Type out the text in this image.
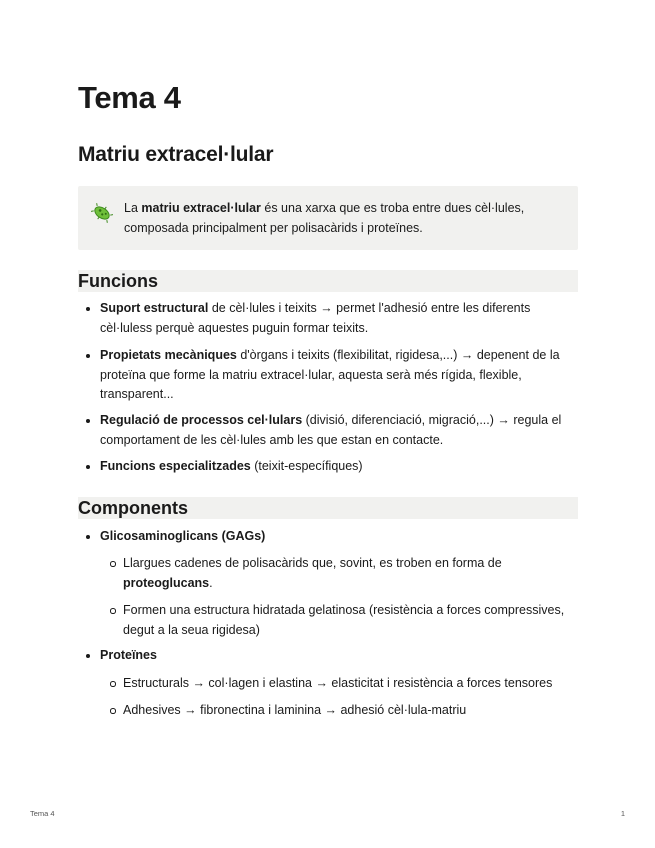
Tema 4
Matriu extracel·lular
La matriu extracel·lular és una xarxa que es troba entre dues cèl·lules, composada principalment per polisacàrids i proteïnes.
Funcions
Suport estructural de cèl·lules i teixits → permet l'adhesió entre les diferents cèl·luless perquè aquestes puguin formar teixits.
Propietats mecàniques d'òrgans i teixits (flexibilitat, rigidesa,...) → depenent de la proteïna que forme la matriu extracel·lular, aquesta serà més rígida, flexible, transparent...
Regulació de processos cel·lulars (divisió, diferenciació, migració,...) → regula el comportament de les cèl·lules amb les que estan en contacte.
Funcions especialitzades (teixit-específiques)
Components
Glicosaminoglicans (GAGs)
Llargues cadenes de polisacàrids que, sovint, es troben en forma de proteoglucans.
Formen una estructura hidratada gelatinosa (resistència a forces compressives, degut a la seua rigidesa)
Proteïnes
Estructurals → col·lagen i elastina → elasticitat i resistència a forces tensores
Adhesives → fibronectina i laminina → adhesió cèl·lula-matriu
Tema 4	1
